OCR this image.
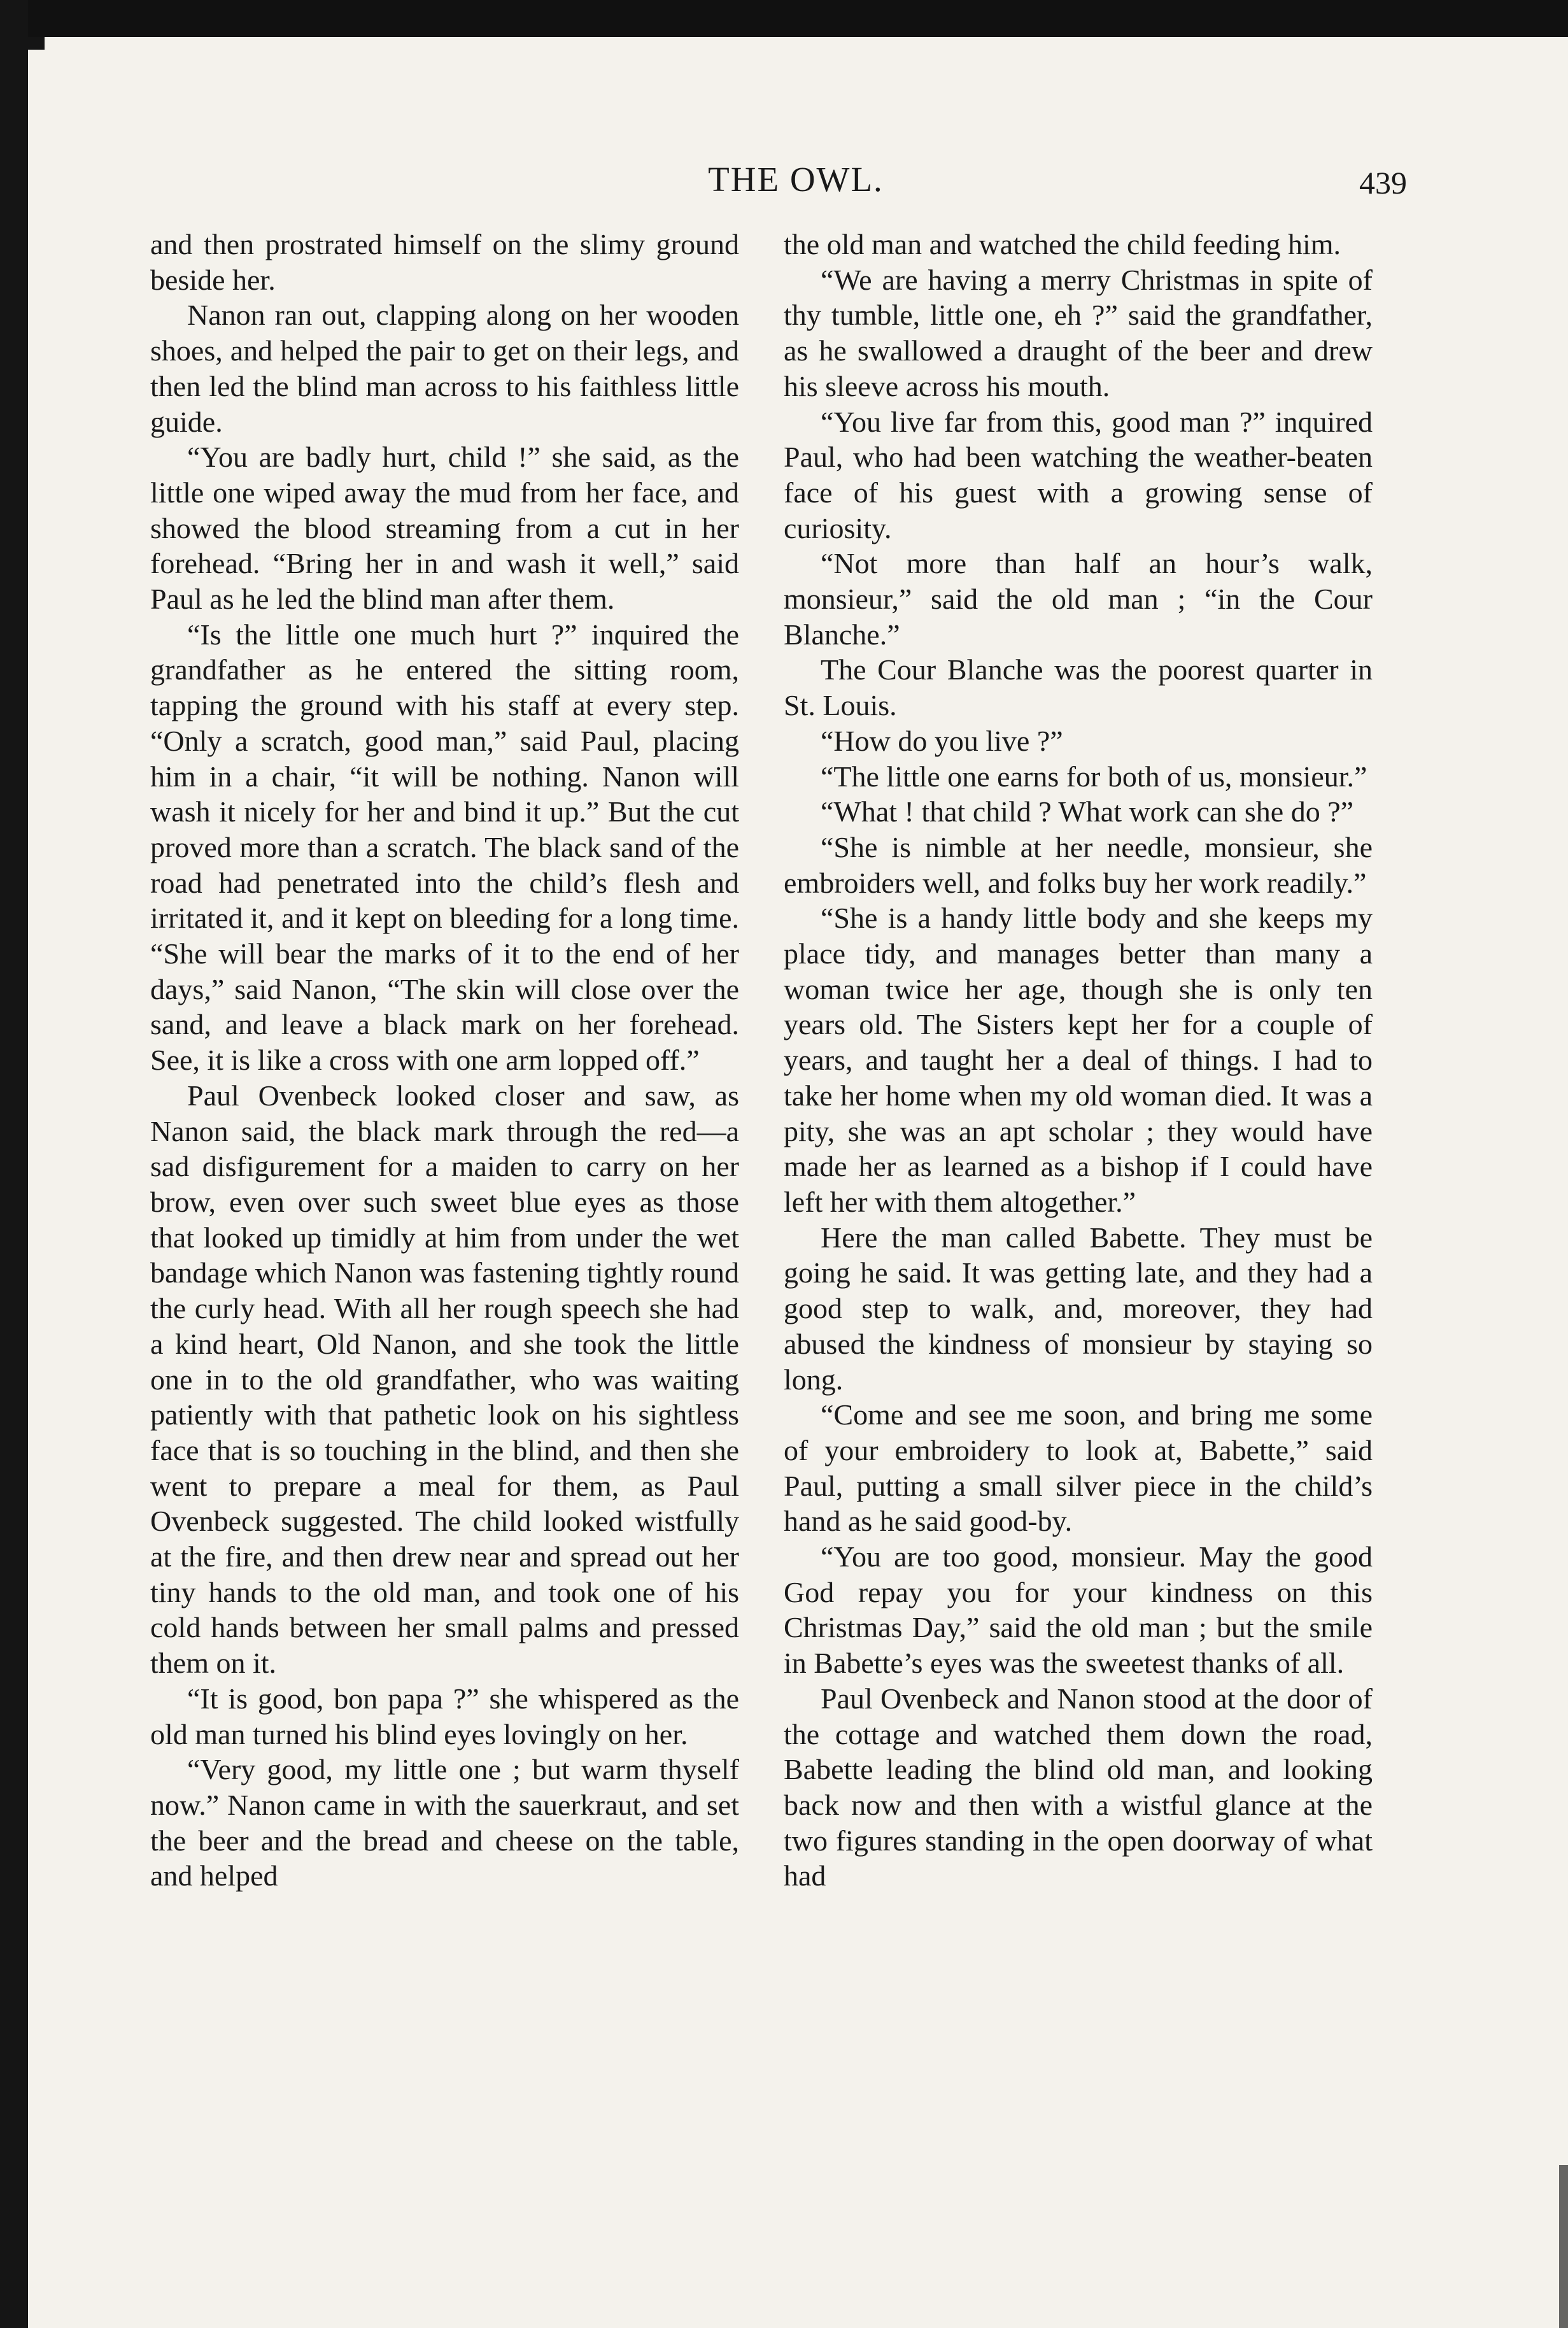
THE OWL.	439

and then prostrated himself on the slimy ground beside her.

Nanon ran out, clapping along on her wooden shoes, and helped the pair to get on their legs, and then led the blind man across to his faithless little guide.

“You are badly hurt, child !” she said, as the little one wiped away the mud from her face, and showed the blood streaming from a cut in her forehead. “Bring her in and wash it well,” said Paul as he led the blind man after them.

“Is the little one much hurt ?” inquired the grandfather as he entered the sitting room, tapping the ground with his staff at every step. “Only a scratch, good man,” said Paul, placing him in a chair, “it will be nothing. Nanon will wash it nicely for her and bind it up.” But the cut proved more than a scratch. The black sand of the road had penetrated into the child’s flesh and irritated it, and it kept on bleeding for a long time. “She will bear the marks of it to the end of her days,” said Nanon, “The skin will close over the sand, and leave a black mark on her forehead. See, it is like a cross with one arm lopped off.”

Paul Ovenbeck looked closer and saw, as Nanon said, the black mark through the red—a sad disfigurement for a maiden to carry on her brow, even over such sweet blue eyes as those that looked up timidly at him from under the wet bandage which Nanon was fastening tightly round the curly head. With all her rough speech she had a kind heart, Old Nanon, and she took the little one in to the old grandfather, who was waiting patiently with that pathetic look on his sightless face that is so touching in the blind, and then she went to prepare a meal for them, as Paul Ovenbeck suggested. The child looked wistfully at the fire, and then drew near and spread out her tiny hands to the old man, and took one of his cold hands between her small palms and pressed them on it.

“It is good, bon papa ?” she whispered as the old man turned his blind eyes lovingly on her.

“Very good, my little one ; but warm thyself now.” Nanon came in with the sauerkraut, and set the beer and the bread and cheese on the table, and helped

the old man and watched the child feeding him.

“We are having a merry Christmas in spite of thy tumble, little one, eh ?” said the grandfather, as he swallowed a draught of the beer and drew his sleeve across his mouth.

“You live far from this, good man ?” inquired Paul, who had been watching the weather-beaten face of his guest with a growing sense of curiosity.

“Not more than half an hour’s walk, monsieur,” said the old man ; “in the Cour Blanche.”

The Cour Blanche was the poorest quarter in St. Louis.

“How do you live ?”

“The little one earns for both of us, monsieur.”

“What ! that child ? What work can she do ?”

“She is nimble at her needle, monsieur, she embroiders well, and folks buy her work readily.”

“She is a handy little body and she keeps my place tidy, and manages better than many a woman twice her age, though she is only ten years old. The Sisters kept her for a couple of years, and taught her a deal of things. I had to take her home when my old woman died. It was a pity, she was an apt scholar ; they would have made her as learned as a bishop if I could have left her with them altogether.”

Here the man called Babette. They must be going he said. It was getting late, and they had a good step to walk, and, moreover, they had abused the kindness of monsieur by staying so long.

“Come and see me soon, and bring me some of your embroidery to look at, Babette,” said Paul, putting a small silver piece in the child’s hand as he said good-by.

“You are too good, monsieur. May the good God repay you for your kindness on this Christmas Day,” said the old man ; but the smile in Babette’s eyes was the sweetest thanks of all.

Paul Ovenbeck and Nanon stood at the door of the cottage and watched them down the road, Babette leading the blind old man, and looking back now and then with a wistful glance at the two figures standing in the open doorway of what had
